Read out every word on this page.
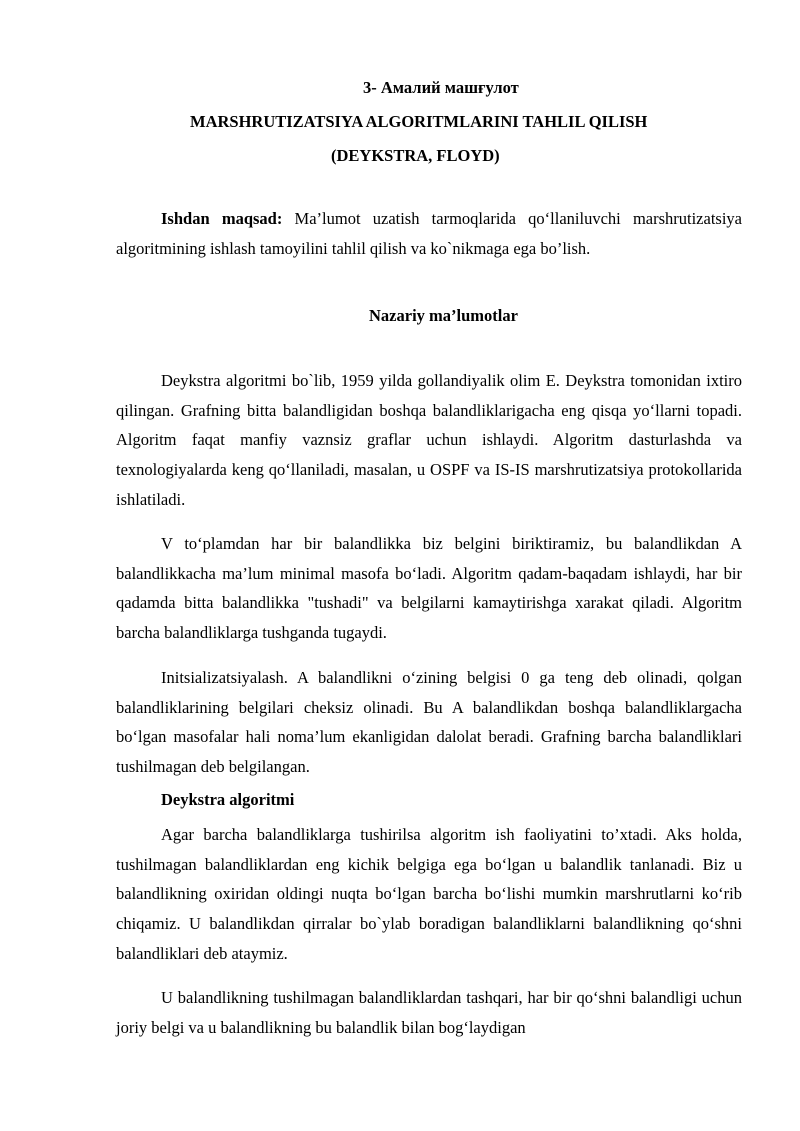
3- Амалий машғулот
MARSHRUTIZATSIYA ALGORITMLARINI TAHLIL QILISH
(DEYKSTRA, FLOYD)

Ishdan maqsad: Ma’lumot uzatish tarmoqlarida qo‘llaniluvchi marshrutizatsiya algoritmining ishlash tamoyilini tahlil qilish va ko`nikmaga ega bo’lish.

Nazariy ma’lumotlar

Deykstra algoritmi bo`lib, 1959 yilda gollandiyalik olim E. Deykstra tomonidan ixtiro qilingan. Grafning bitta balandligidan boshqa balandliklarigacha eng qisqa yo‘llarni topadi. Algoritm faqat manfiy vaznsiz graflar uchun ishlaydi. Algoritm dasturlashda va texnologiyalarda keng qo‘llaniladi, masalan, u OSPF va IS-IS marshrutizatsiya protokollarida ishlatiladi.

V to‘plamdan har bir balandlikka biz belgini biriktiramiz, bu balandlikdan A balandlikkacha ma’lum minimal masofa bo‘ladi. Algoritm qadam-baqadam ishlaydi, har bir qadamda bitta balandlikka "tushadi" va belgilarni kamaytirishga xarakat qiladi. Algoritm barcha balandliklarga tushganda tugaydi.

Initsializatsiyalash. A balandlikni o‘zining belgisi 0 ga teng deb olinadi, qolgan balandliklarining belgilari cheksiz olinadi. Bu A balandlikdan boshqa balandliklargacha bo‘lgan masofalar hali noma’lum ekanligidan dalolat beradi. Grafning barcha balandliklari tushilmagan deb belgilangan.

Deykstra algoritmi

Agar barcha balandliklarga tushirilsa algoritm ish faoliyatini to’xtadi. Aks holda, tushilmagan balandliklardan eng kichik belgiga ega bo‘lgan u balandlik tanlanadi. Biz u balandlikning oxiridan oldingi nuqta bo‘lgan barcha bo‘lishi mumkin marshrutlarni ko‘rib chiqamiz. U balandlikdan qirralar bo`ylab boradigan balandliklarni balandlikning qo‘shni balandliklari deb ataymiz.

U balandlikning tushilmagan balandliklardan tashqari, har bir qo‘shni balandligi uchun joriy belgi va u balandlikning bu balandlik bilan bog‘laydigan
